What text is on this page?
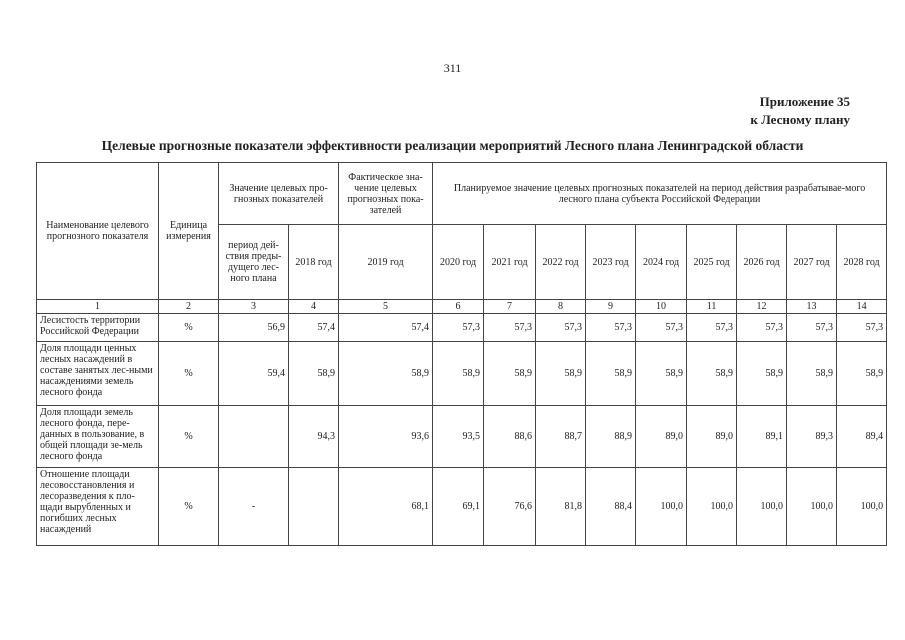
311
Приложение 35
к Лесному плану
Целевые прогнозные показатели эффективности реализации мероприятий Лесного плана Ленинградской области
Наименование целевого прогнозного показателя	Единица измерения	Значение целевых про-гнозных показателей		Фактическое зна-чение целевых прогнозных пока-зателей	Планируемое значение целевых прогнозных показателей на период действия разрабатывае-мого лесного плана субъекта Российской Федерации								
		период дей-ствия преды-дущего лес-ного плана	2018 год	2019 год	2020 год	2021 год	2022 год	2023 год	2024 год	2025 год	2026 год	2027 год	2028 год
1	2	3	4	5	6	7	8	9	10	11	12	13	14
Лесистость территории Российской Федерации	%	56,9	57,4	57,4	57,3	57,3	57,3	57,3	57,3	57,3	57,3	57,3	57,3
Доля площади ценных лесных насаждений в составе занятых лес-ными насаждениями земель лесного фонда	%	59,4	58,9	58,9	58,9	58,9	58,9	58,9	58,9	58,9	58,9	58,9	58,9
Доля площади земель лесного фонда, пере-данных в пользование, в общей площади зе-мель лесного фонда	%		94,3	93,6	93,5	88,6	88,7	88,9	89,0	89,0	89,1	89,3	89,4
Отношение площади лесовосстановления и лесоразведения к пло-щади вырубленных и погибших лесных насаждений	%	-		68,1	69,1	76,6	81,8	88,4	100,0	100,0	100,0	100,0	100,0
